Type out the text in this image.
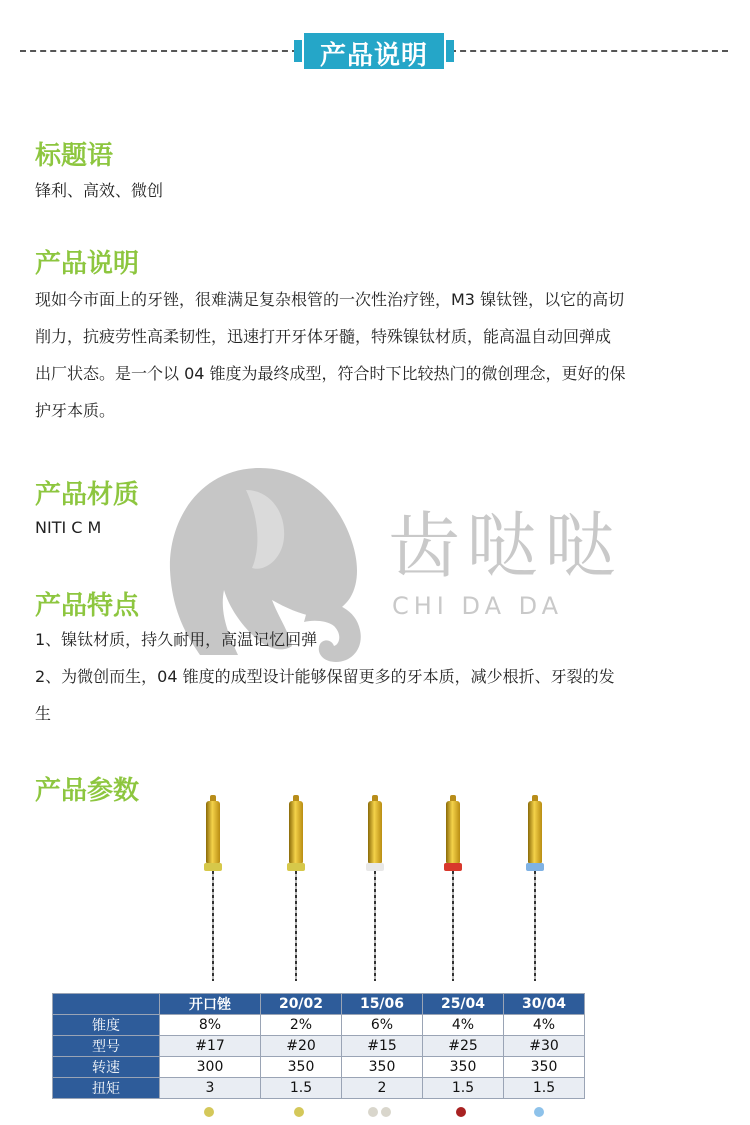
产品说明
齿哒哒
CHI DA DA
标题语
锋利、高效、微创
产品说明
现如今市面上的牙锉，很难满足复杂根管的一次性治疗锉，M3 镍钛锉，以它的高切
削力，抗疲劳性高柔韧性，迅速打开牙体牙髓，特殊镍钛材质，能高温自动回弹成
出厂状态。是一个以 04 锥度为最终成型，符合时下比较热门的微创理念，更好的保
护牙本质。
产品材质
NITI C M
产品特点
1、镍钛材质，持久耐用，高温记忆回弹
2、为微创而生，04 锥度的成型设计能够保留更多的牙本质，减少根折、牙裂的发
生
产品参数
	开口锉	20/02	15/06	25/04	30/04
锥度	8%	2%	6%	4%	4%
型号	#17	#20	#15	#25	#30
转速	300	350	350	350	350
扭矩	3	1.5	2	1.5	1.5
